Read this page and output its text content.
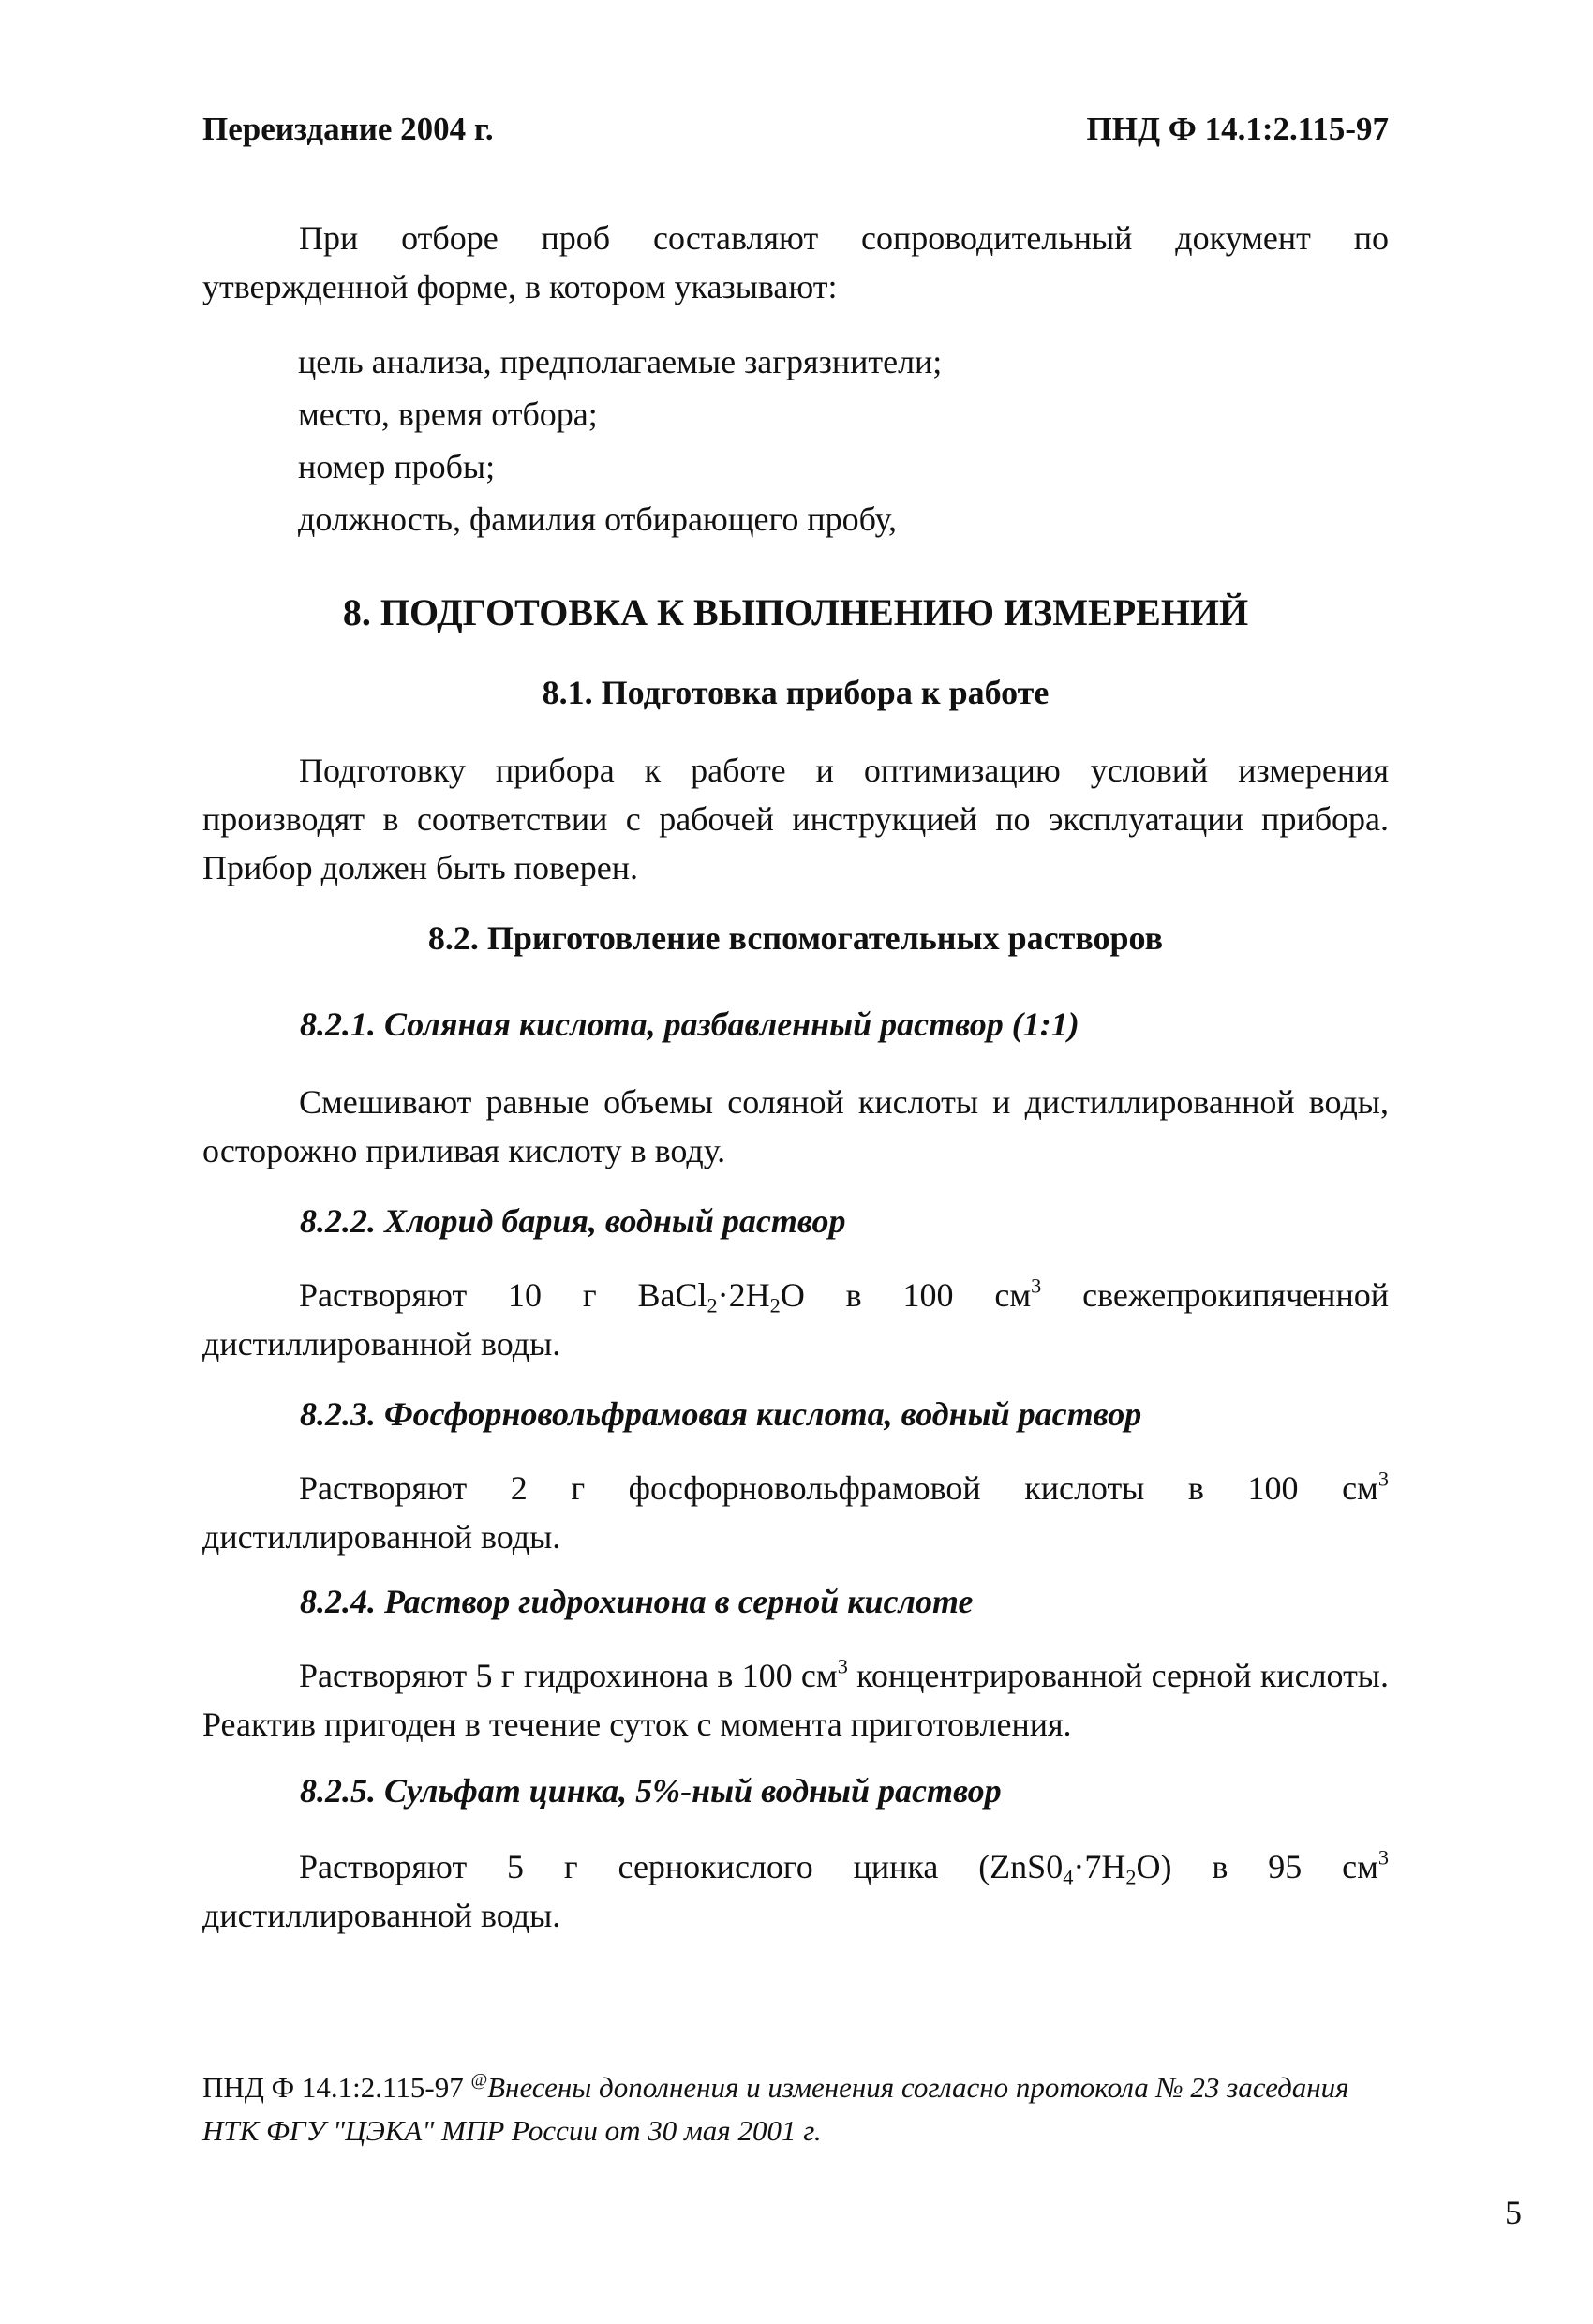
Переиздание 2004 г.	ПНД Ф 14.1:2.115-97

При отборе проб составляют сопроводительный документ по утвержденной форме, в котором указывают:

цель анализа, предполагаемые загрязнители;
место, время отбора;
номер пробы;
должность, фамилия отбирающего пробу,
8. ПОДГОТОВКА К ВЫПОЛНЕНИЮ ИЗМЕРЕНИЙ
8.1. Подготовка прибора к работе

Подготовку прибора к работе и оптимизацию условий измерения производят в соответствии с рабочей инструкцией по эксплуатации прибора. Прибор должен быть поверен.

8.2. Приготовление вспомогательных растворов
8.2.1. Соляная кислота, разбавленный раствор (1:1)

Смешивают равные объемы соляной кислоты и дистиллированной воды, осторожно приливая кислоту в воду.

8.2.2. Хлорид бария, водный раствор

Растворяют 10 г $BaCl_2\cdot 2H_2O$ в 100 $см^3$ свежепрокипяченной дистиллированной воды.

8.2.3. Фосфорновольфрамовая кислота, водный раствор

Растворяют 2 г фосфорновольфрамовой кислоты в 100 $см^3$ дистиллированной воды.

8.2.4. Раствор гидрохинона в серной кислоте

Растворяют 5 г гидрохинона в 100 $см^3$ концентрированной серной кислоты. Реактив пригоден в течение суток с момента приготовления.

8.2.5. Сульфат цинка, 5%-ный водный раствор

Растворяют 5 г сернокислого цинка $(ZnS0_4\cdot 7H_2O)$ в 95 $см^3$ дистиллированной воды.

ПНД Ф 14.1:2.115-97 @Внесены дополнения и изменения согласно протокола № 23 заседания НТК ФГУ "ЦЭКА" МПР России от 30 мая 2001 г.
5
